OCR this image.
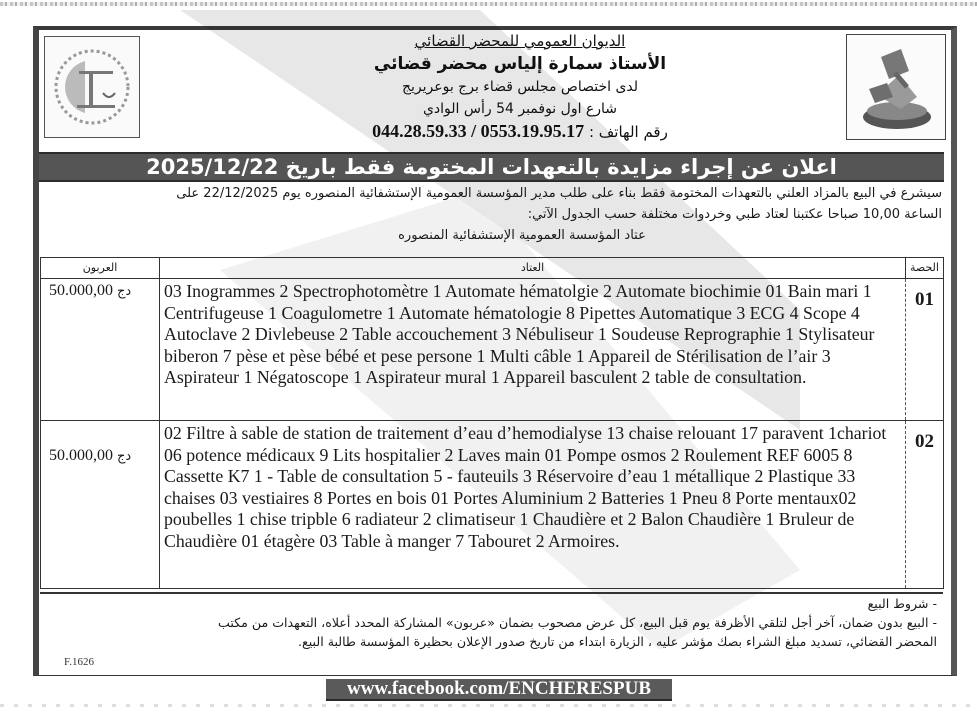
الديوان العمومي للمحضر القضائي
الأستاذ سمارة إلياس محضر قضائي
لدى اختصاص مجلس قضاء برج بوعريريج
شارع اول نوفمبر 54 رأس الوادي
رقم الهاتف : 044.28.59.33 / 0553.19.95.17
اعلان عن إجراء مزايدة بالتعهدات المختومة فقط باريخ 2025/12/22
سيشرع في البيع بالمزاد العلني بالتعهدات المختومة فقط بناء على طلب مدير المؤسسة العمومية الإستشفائية المنصوره يوم 22/12/2025 على
الساعة 10,00 صباحا عكتبنا لعتاد طبي وخردوات مختلفة حسب الجدول الآتي:
عتاد المؤسسة العمومية الإستشفائية المنصوره
الحصة	العتاد	العربون
01	03 Inogrammes 2 Spectrophotomètre 1 Automate hématolgie 2 Automate biochimie 01 Bain mari 1 Centrifugeuse 1 Coagulometre 1 Automate hématologie 8 Pipettes Automatique 3 ECG 4 Scope 4 Autoclave 2 Divlebeuse 2 Table accouchement 3 Nébuliseur 1 Soudeuse Reprographie 1 Stylisateur biberon 7 pèse et pèse bébé et pese persone 1 Multi câble 1 Appareil de Stérilisation de l’air 3 Aspirateur 1 Négatoscope 1 Aspirateur mural 1 Appareil basculent 2 table de consultation.	50.000,00 دج
02	02 Filtre à sable de station de traitement d’eau d’hemodialyse 13 chaise relouant 17 paravent 1chariot 06 potence médicaux 9 Lits hospitalier 2 Laves main 01 Pompe osmos 2 Roulement REF 6005 8 Cassette K7 1 - Table de consultation 5 - fauteuils 3 Réservoire d’eau 1 métallique 2 Plastique 33 chaises 03 vestiaires 8 Portes en bois 01 Portes Aluminium 2 Batteries 1 Pneu 8 Porte mentaux02 poubelles 1 chise tripble 6 radiateur 2 climatiseur 1 Chaudière et 2 Balon Chaudière 1 Bruleur de Chaudière 01 étagère 03 Table à manger 7 Tabouret 2 Armoires.	50.000,00 دج
- شروط البيع
- البيع بدون ضمان، آخر أجل لتلقي الأظرفة يوم قبل البيع، كل عرض مصحوب بضمان «عربون» المشاركة المحدد أعلاه، التعهدات من مكتب
المحضر القضائي، تسديد مبلغ الشراء بصك مؤشر عليه ، الزيارة ابتداء من تاريخ صدور الإعلان بحظيرة المؤسسة طالبة البيع.
F.1626
www.facebook.com/ENCHERESPUB
